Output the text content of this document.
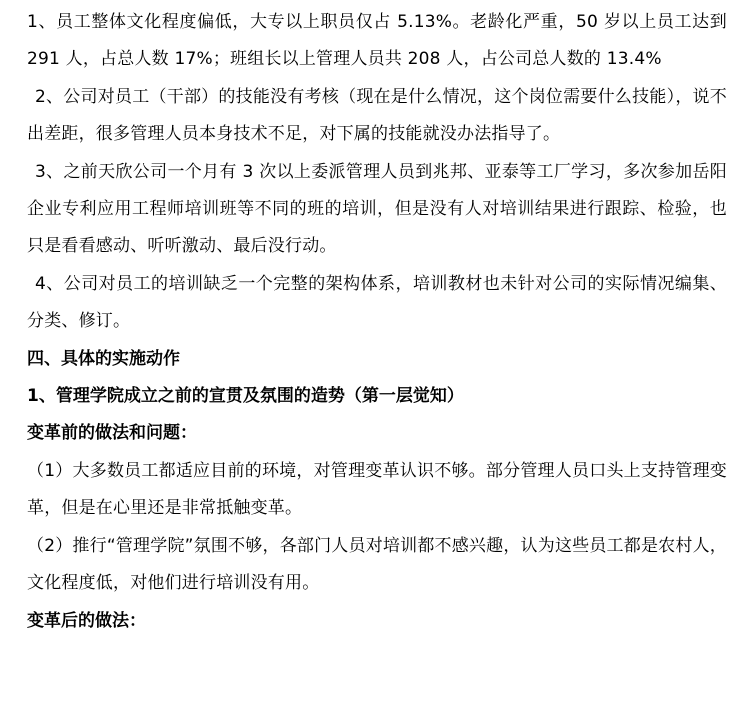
1、员工整体文化程度偏低，大专以上职员仅占 5.13%。老龄化严重，50 岁以上员工达到 291 人，占总人数 17%；班组长以上管理人员共 208 人，占公司总人数的 13.4%

2、公司对员工（干部）的技能没有考核（现在是什么情况，这个岗位需要什么技能），说不出差距，很多管理人员本身技术不足，对下属的技能就没办法指导了。

3、之前天欣公司一个月有 3 次以上委派管理人员到兆邦、亚泰等工厂学习，多次参加岳阳企业专利应用工程师培训班等不同的班的培训，但是没有人对培训结果进行跟踪、检验，也只是看看感动、听听激动、最后没行动。

4、公司对员工的培训缺乏一个完整的架构体系，培训教材也未针对公司的实际情况编集、分类、修订。

四、具体的实施动作

1、管理学院成立之前的宣贯及氛围的造势（第一层觉知）

变革前的做法和问题：

（1）大多数员工都适应目前的环境，对管理变革认识不够。部分管理人员口头上支持管理变革，但是在心里还是非常抵触变革。

（2）推行“管理学院”氛围不够，各部门人员对培训都不感兴趣，认为这些员工都是农村人，文化程度低，对他们进行培训没有用。

变革后的做法：
